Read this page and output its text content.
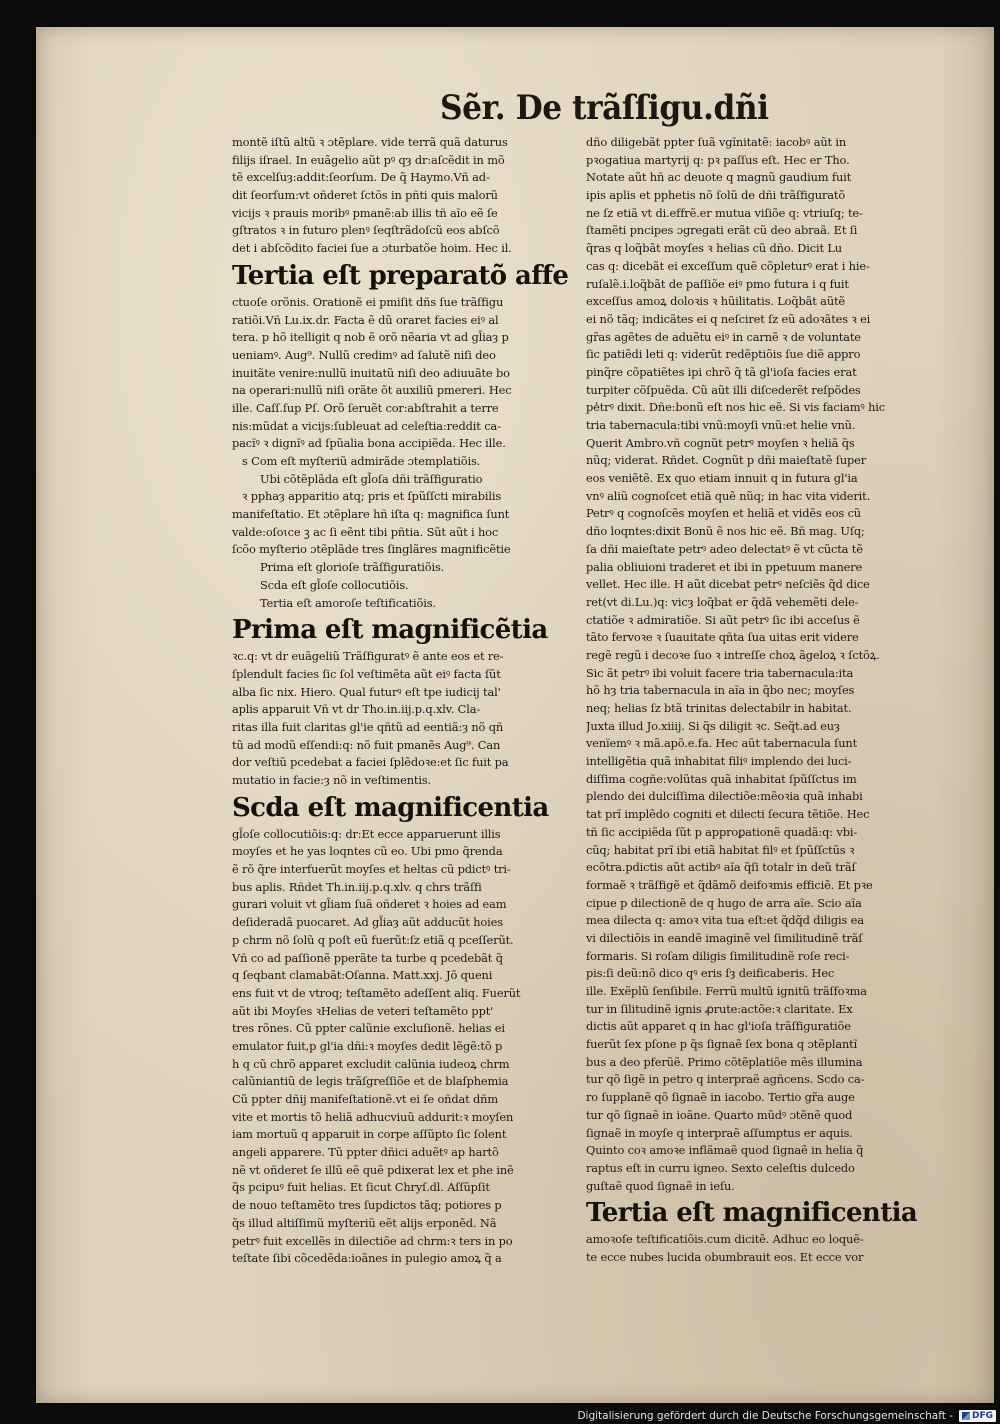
Sẽr. De trãſſigu.dñi
montẽ iſtũ altũ ꝛ ɔtẽplare. vide terrã quã daturus
filijs iſrael. In euãgelio aũt pꝰ qȝ dr:aſcẽdit in mõ
tẽ excelſuȝ:addit:ſeorſum. De q̃ Haymo.Vñ ad-
dit ſeorſum:vt oñderet ſctõs in pñti quis malorũ
vicijs ꝛ prauis moribꝰ pmanẽ:ab illis tñ aĩo eẽ ſe
gſtratos ꝛ in futuro plenꝰ ſeqſtrãdoſcũ eos abſcõ
det i abſcõdito faciei ſue a ɔturbatõe hoim. Hec il.
Tertia eſt preparatõ affe
ctuoſe orõnis. Orationẽ ei pmiſit dñs ſue trãſfigu
ratiõi.Vñ Lu.ix.dr. Facta ẽ dũ oraret facies eiꝰ al
tera. p hõ itelligit q nob ẽ orõ nẽaria vt ad gl̃iaȝ p
ueniamꝰ. Aug⁹. Nullũ credimꝰ ad ſalutẽ niſi deo
inuitãte venire:nullũ inuitatũ niſi deo adiuuãte bo
na operari:nullũ niſi orãte õt auxiliũ pmereri. Hec
ille. Caſſ.ſup Pſ. Orõ ſeruẽt cor:abſtrahit a terre
nis:mũdat a vicijs:ſubleuat ad celeſtia:reddit ca-
pacĩꝰ ꝛ dignĩꝰ ad ſpũalia bona accipiẽda. Hec ille.
s Com eſt myſteriũ admirãde ɔtemplatiõis.
Ubi cõtẽplãda eſt gl̃oſa dñi trãſfiguratio
ꝛ pphaȝ apparitio atq; pris et ſpũſſcti mirabilis
manifeſtatio. Et ɔtẽplare hñ iſta q: magnifica ſunt
valde:oſoɩce ꝫ ac ſi eẽnt tibi pñtia. Sũt aũt i hoc
ſcõo myſterio ɔtẽplãde tres ſinglãres magnificẽtie
Prima eſt glorioſe trãſfiguratiõis.
Scda eſt gl̃oſe collocutiõis.
Tertia eſt amoroſe teſtificatiõis.
Prima eſt magnificẽtia
ꝛc.q: vt dr euãgeliũ Trãſfiguratꝰ ẽ ante eos et re-
ſplendult facies ſic ſol veſtimẽta aũt eiꝰ facta ſũt
alba ſic nix. Hiero. Qual futurꝰ eſt tpe iudicij tal'
aplis apparuit Vñ vt dr Tho.in.iij.p.q.xlv. Cla-
ritas illa fuit claritas gl'ie qñtũ ad eentiã:ȝ nõ qñ
tũ ad modũ eſſendi:q: nõ fuit pmanẽs Aug⁹. Can
dor veſtiũ pcedebat a faciei ſplẽdoꝛe:et ſic fuit pa
mutatio in facie:ȝ nõ in veſtimentis.
Scda eſt magnificentia
gl̃oſe collocutiõis:q: dr:Et ecce apparuerunt illis
moyſes et he yas loqntes cũ eo. Ubi pmo q̃renda
ẽ rõ q̃re interfuerũt moyſes et heltas cũ pdictꝰ tri-
bus aplis. Rñdet Th.in.iij.p.q.xlv. q chrs trãſfi
gurari voluit vt gl̃iam ſuã oñderet ꝛ hoies ad eam
deſideradã puocaret. Ad gl̃iaȝ aũt adducũt hoies
p chrm nõ ſolũ q poſt eũ fuerũt:ſz etiã q pceſſerũt.
Vñ co ad paſſionẽ pperãte ta turbe q pcedebãt q̃
q ſeqbant clamabãt:Oſanna. Matt.xxj. Jõ queni
ens fuit vt de vtroq; teſtamẽto adeſſent aliq. Fuerũt
aũt ibi Moyſes ꝛHelias de veteri teſtamẽto ppt'
tres rõnes. Cũ ppter calũnie excluſionẽ. helias ei
emulator fuit,p gl'ia dñi:ꝛ moyſes dedit lẽgẽ:tõ p
h q cũ chrõ apparet excludit calũnia iudeoꝝ chrm
calũniantiũ de legis trãſgreſſiõe et de blaſphemia
Cũ ppter dñij manifeſtationẽ.vt ei ſe oñdat dñm
vite et mortis tõ heliã adhucviuũ addurit:ꝛ moyſen
iam mortuũ q apparuit in corpe aſſũpto ſic ſolent
angeli apparere. Tũ ppter dñici aduẽtꝰ ap hartõ
nẽ vt oñderet ſe illũ eẽ quẽ pdixerat lex et phe inẽ
q̃s pcipuꝰ fuit helias. Et ſicut Chryſ.dl. Aſſũpſit
de nouo teſtamẽto tres ſupdictos tãq; potiores p
q̃s illud altiſſimũ myſteriũ eẽt alijs erponẽd. Nã
petrꝰ fuit excellẽs in dilectiõe ad chrm:ꝛ ters in po
teſtate ſibi cõcedẽda:ioãnes in pulegio amoꝝ q̃ a
dño diligebãt ppter ſuã vgĩnitatẽ: iacobꝰ aũt in
pꝛogatiua martyrij q: pꝛ paſſus eſt. Hec er Tho.
Notate aũt hñ ac deuote q magnũ gaudium fuit
ipis aplis et pphetis nõ ſolũ de dñi trãſfiguratõ
ne ſz etiã vt di.effrẽ.er mutua viſiõe q: vtriuſq; te-
ſtamẽti pncipes ɔgregati erãt cũ deo abraã. Et ſi
q̃ras q loq̃bãt moyſes ꝛ helias cũ dño. Dicit Lu
cas q: dicebãt ei exceſſum quẽ cõpleturꝰ erat i hie-
ruſalẽ.i.loq̃bãt de paſſiõe eiꝰ pmo futura i q fuit
exceſſus amoꝝ doloꝛis ꝛ hũilitatis. Loq̃bãt aũtẽ
ei nõ tãq; indicãtes ei q neſciret ſz eũ adoꝛãtes ꝛ ei
gr̃as agẽtes de aduẽtu eiꝰ in carnẽ ꝛ de voluntate
ſic patiẽdi leti q: viderũt redẽptiõis ſue diẽ appro
pinq̃re cõpatiẽtes ipi chrõ q̃ tã gl'ioſa facies erat
turpiter cõſpuẽda. Cũ aũt illi diſcederẽt reſpõdes
pe̾trꝰ dixit. Dñe:bonũ eſt nos hic eẽ. Si vis faciamꝰ hic
tria tabernacula:tibi vnũ:moyſi vnũ:et helie vnũ.
Querit Ambro.vñ cognũt petrꝰ moyſen ꝛ heliã q̃s
nũq; viderat. Rñdet. Cognũt p dñi maieſtatẽ ſuper
eos veniẽtẽ. Ex quo etiam innuit q in futura gl'ia
vnꝰ aliũ cognoſcet etiã quẽ nũq; in hac vita viderit.
Petrꝰ q cognoſcẽs moyſen et heliã et vidẽs eos cũ
dño loqntes:dixit Bonũ ẽ nos hic eẽ. Bñ mag. Uſq;
ſa dñi maieſtate petrꝰ adeo delectatꝰ ẽ vt cũcta tẽ
palia obliuioni traderet et ibi in ppetuum manere
vellet. Hec ille. H aũt dicebat petrꝰ neſciẽs q̃d dice
ret(vt di.Lu.)q: vicȝ loq̃bat er q̃dã vehemẽti dele-
ctatiõe ꝛ admiratiõe. Si aũt petrꝰ ſic ibi acceſus ẽ
tãto fervoꝛe ꝛ ſuauitate qñta ſua uitas erit videre
regẽ regũ i decoꝛe ſuo ꝛ intreſſe choꝝ ãgeloꝝ ꝛ ſctõꝝ.
Sic ãt petrꝰ ibi voluit facere tria tabernacula:ita
hõ hȝ tria tabernacula in aĩa in q̃bo nec; moyſes
neq; helias ſz btã trinitas delectabilr in habitat.
Juxta illud Jo.xiiij. Si q̃s diligit ꝛc. Seq̃t.ad euȝ
venïemꝰ ꝛ mã.apõ.e.fa. Hec aũt tabernacula ſunt
intelligẽtia quã inhabitat filiꝰ implendo dei luci-
diſſima cogñe:volũtas quã inhabitat ſpũſſctus im
plendo dei dulciſſima dilectiõe:mẽoꝛia quã inhabi
tat prĩ implẽdo cogniti et dilecti ſecura tẽtiõe. Hec
tñ ſic accipiẽda ſũt p approꝑationẽ quadã:q: vbi-
cũq; habitat prĩ ibi etiã habitat filꝰ et ſpũſſctũs ꝛ
ecõtra.pdictis aũt actibꝰ aĩa q̃ſi totalr in deũ trãſ
formaẽ ꝛ trãſfigẽ et q̃dãmõ deifoꝛmis efficiẽ. Et pꝛe
cipue p dilectionẽ de q hugo de arra aĩe. Scio aĩa
mea dilecta q: amoꝛ vita tua eſt:et q̃dq̃d diligis ea
vi dilectiõis in eandẽ imaginẽ vel ſimilitudinẽ trãſ
formaris. Si roſam diligis ſimilitudinẽ roſe reci-
pis:ſi deũ:nõ dico qꝰ eris ſȝ deificaberis. Hec
ille. Exẽplũ ſenſibile. Ferrũ multũ ignitũ trãſfoꝛma
tur in ſilitudinẽ ignis ꝓrute:actõe:ꝛ claritate. Ex
dictis aũt apparet q in hac gl'ioſa trãſfiguratiõe
fuerũt ſex pſone p q̃s ſignaẽ ſex bona q ɔtẽplantĩ
bus a deo pferũẽ. Primo cõtẽplatiõe mẽs illumina
tur qõ ſigẽ in petro q interpraẽ agñcens. Scdo ca-
ro ſupplanẽ qõ ſignaẽ in iacobo. Tertio gr̃a auge
tur qõ ſignaẽ in ioãne. Quarto mũdꝰ ɔtẽnẽ quod
ſignaẽ in moyſe q interpraẽ aſſumptus er aquis.
Quinto coꝛ amoꝛe inflãmaẽ quod ſignaẽ in helia q̃
raptus eſt in curru igneo. Sexto celeſtis dulcedo
guſtaẽ quod ſignaẽ in ieſu.
Tertia eſt magnificentia
amoꝛoſe teſtificatiõis.cum dicitẽ. Adhuc eo loquẽ-
te ecce nubes lucida obumbrauit eos. Et ecce vor
Digitalisierung gefördert durch die Deutsche Forschungsgemeinschaft - DFG
